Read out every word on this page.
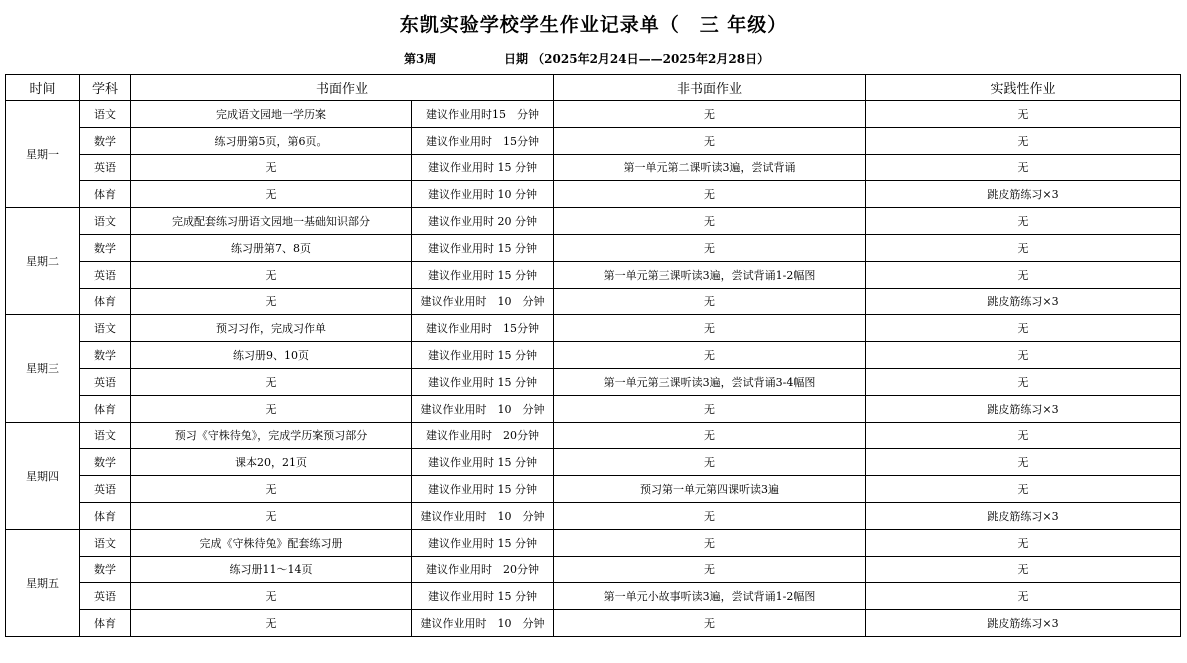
东凯实验学校学生作业记录单（　三 年级）
第3周	日期 （2025年2月24日——2025年2月28日）
时间	学科	书面作业		非书面作业	实践性作业
星期一	语文	完成语文园地一学历案	建议作业用时15　分钟	无	无
	数学	练习册第5页，第6页。	建议作业用时　15分钟	无	无
	英语	无	建议作业用时 15 分钟	第一单元第二课听读3遍，尝试背诵	无
	体育	无	建议作业用时 10 分钟	无	跳皮筋练习×3
星期二	语文	完成配套练习册语文园地一基础知识部分	建议作业用时 20 分钟	无	无
	数学	练习册第7、8页	建议作业用时 15 分钟	无	无
	英语	无	建议作业用时 15 分钟	第一单元第三课听读3遍，尝试背诵1-2幅图	无
	体育	无	建议作业用时　10　分钟	无	跳皮筋练习×3
星期三	语文	预习习作，完成习作单	建议作业用时　15分钟	无	无
	数学	练习册9、10页	建议作业用时 15 分钟	无	无
	英语	无	建议作业用时 15 分钟	第一单元第三课听读3遍，尝试背诵3-4幅图	无
	体育	无	建议作业用时　10　分钟	无	跳皮筋练习×3
星期四	语文	预习《守株待兔》，完成学历案预习部分	建议作业用时　20分钟	无	无
	数学	课本20，21页	建议作业用时 15 分钟	无	无
	英语	无	建议作业用时 15 分钟	预习第一单元第四课听读3遍	无
	体育	无	建议作业用时　10　分钟	无	跳皮筋练习×3
星期五	语文	完成《守株待兔》配套练习册	建议作业用时 15 分钟	无	无
	数学	练习册11～14页	建议作业用时　20分钟	无	无
	英语	无	建议作业用时 15 分钟	第一单元小故事听读3遍，尝试背诵1-2幅图	无
	体育	无	建议作业用时　10　分钟	无	跳皮筋练习×3
